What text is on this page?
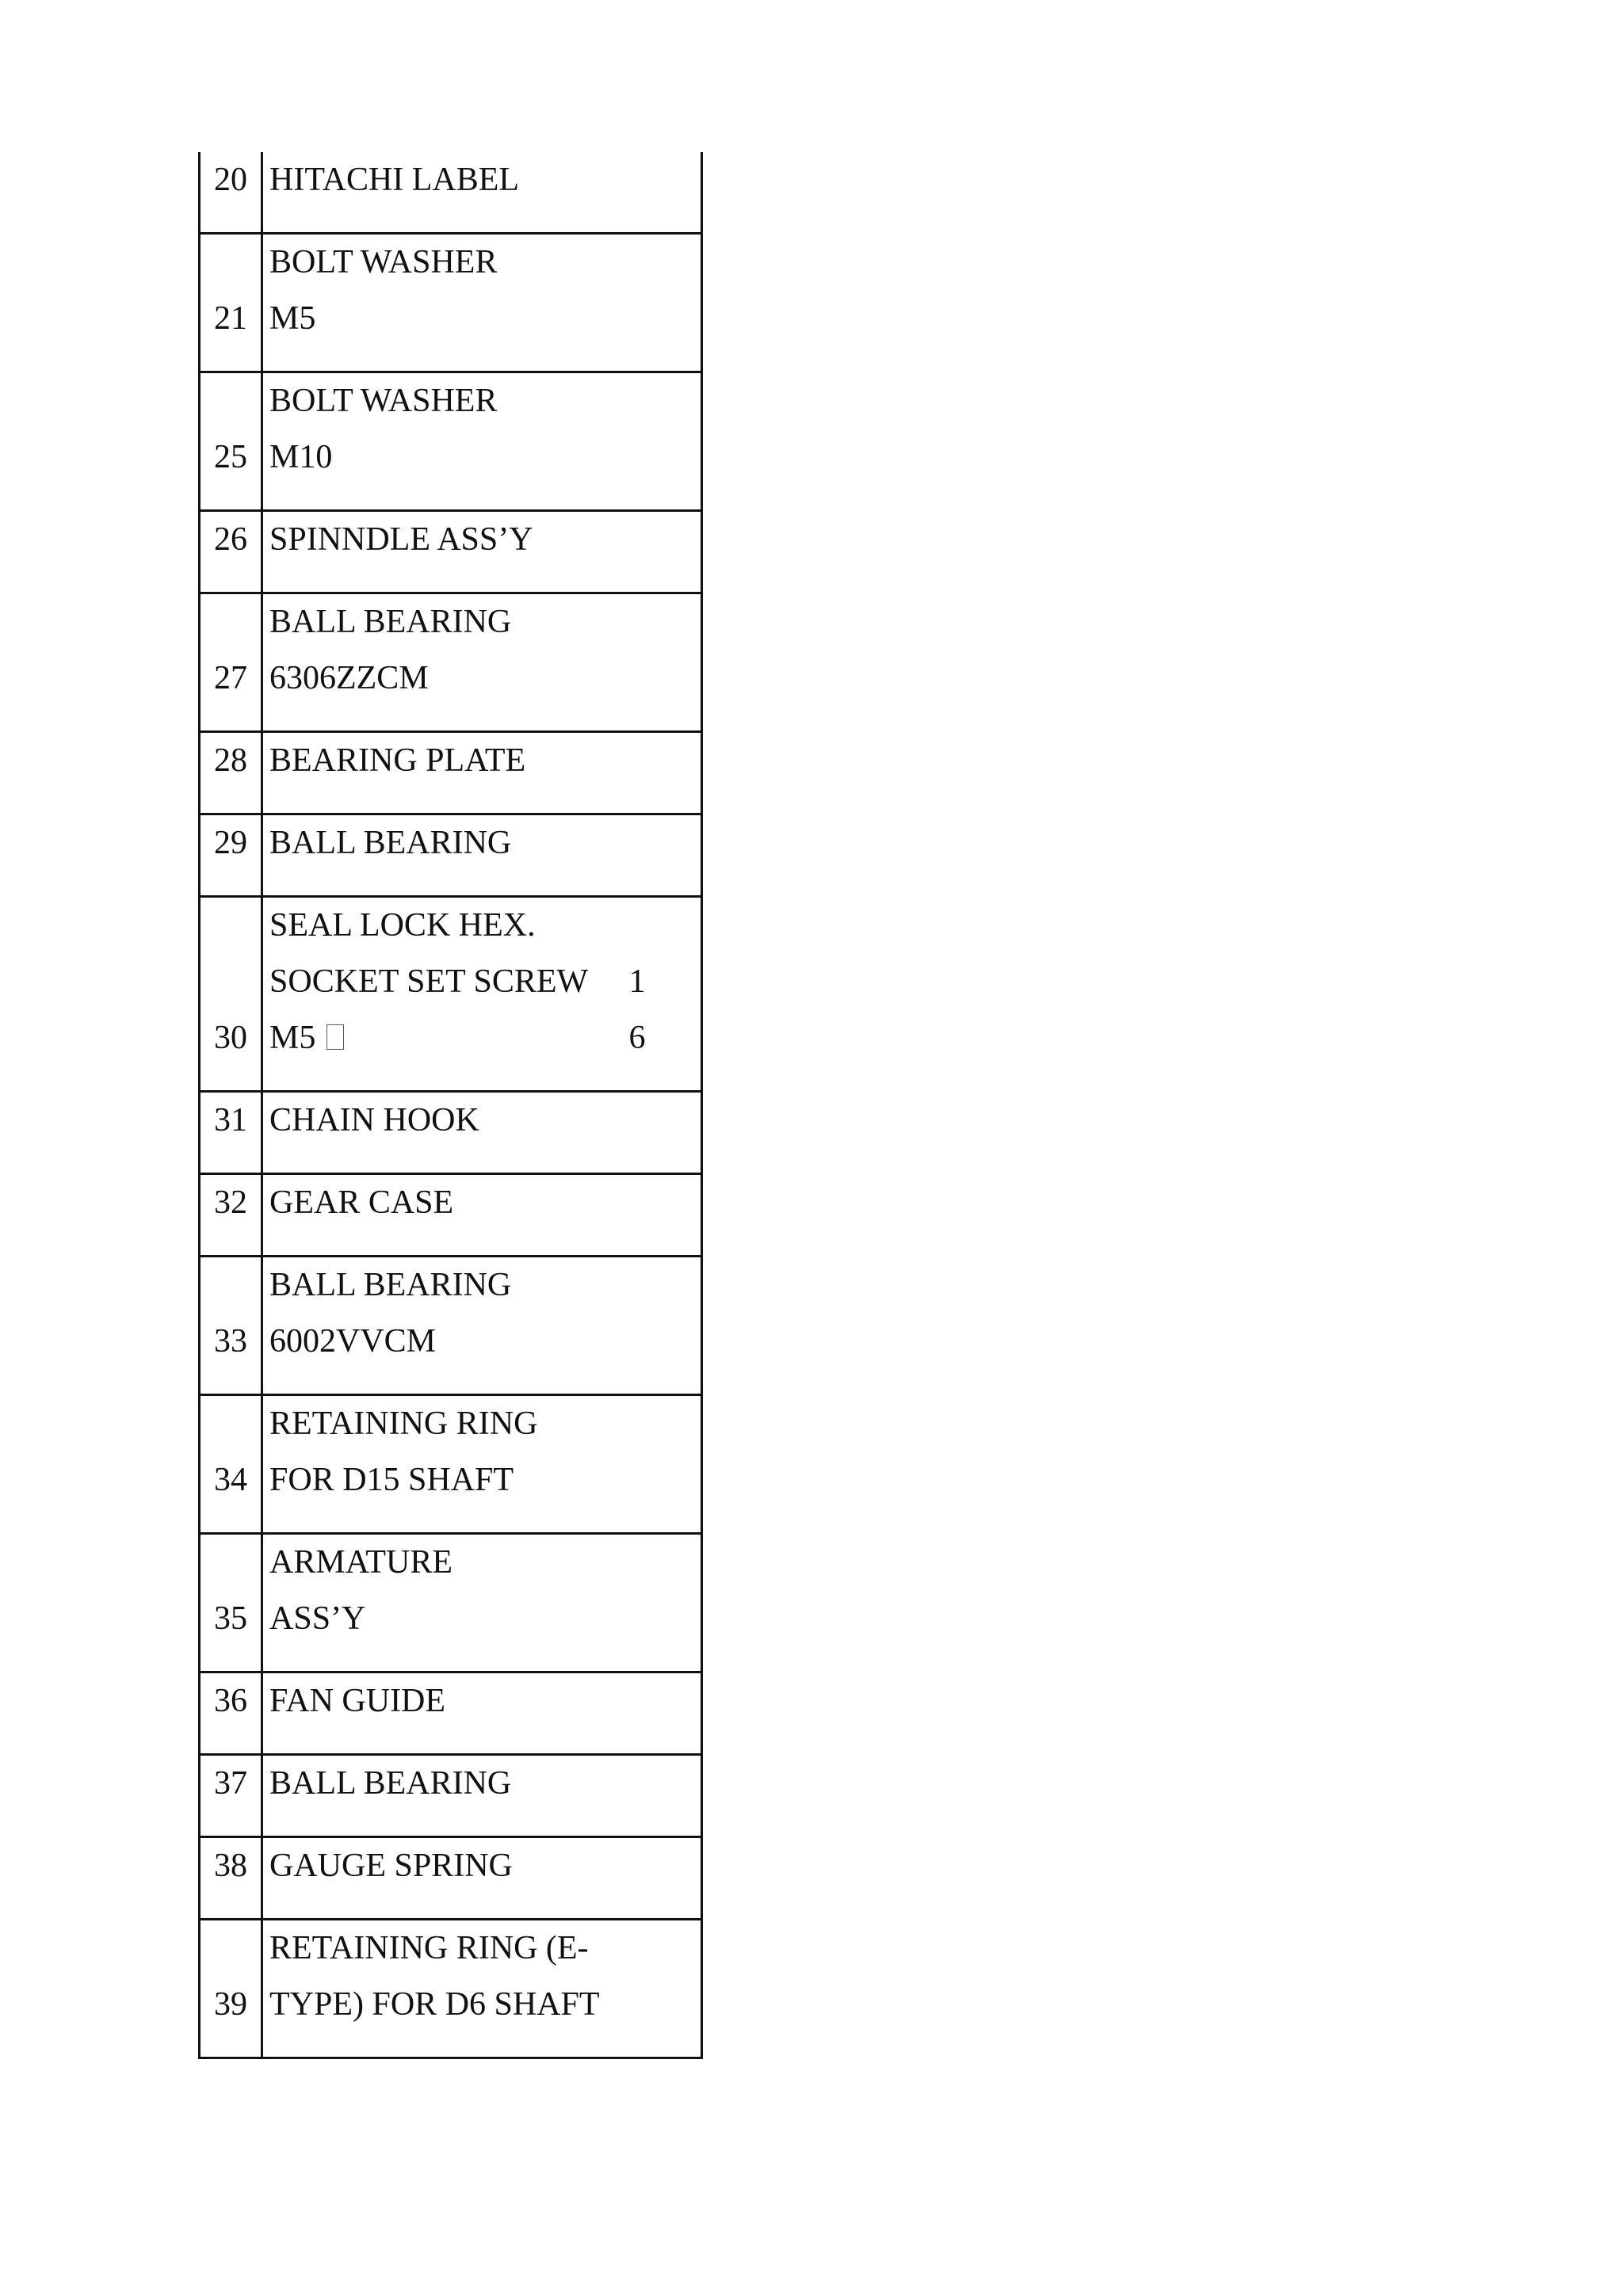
20	HITACHI LABEL

21	BOLT WASHER
M5

25	BOLT WASHER
M10

26	SPINNDLE ASS’Y

27	BALL BEARING
6306ZZCM

28	BEARING PLATE

29	BALL BEARING

30	SEAL LOCK HEX.
SOCKET SET SCREW 1
M5 6

31	CHAIN HOOK

32	GEAR CASE

33	BALL BEARING
6002VVCM

34	RETAINING RING
FOR D15 SHAFT

35	ARMATURE
ASS’Y

36	FAN GUIDE

37	BALL BEARING

38	GAUGE SPRING

39	RETAINING RING (E-
TYPE) FOR D6 SHAFT
